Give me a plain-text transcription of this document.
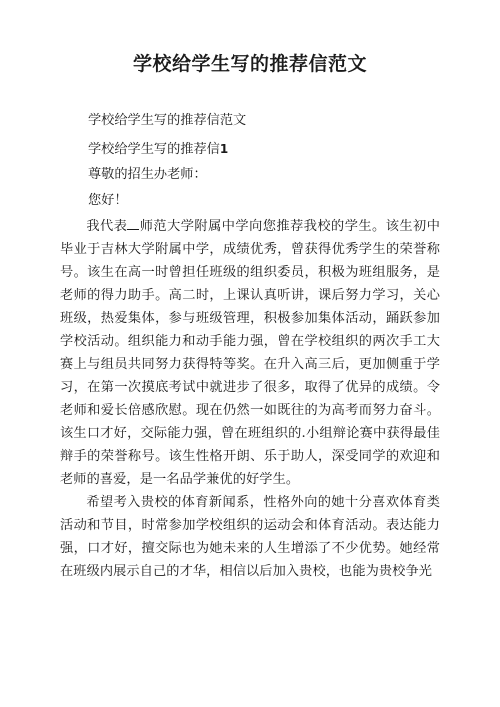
学校给学生写的推荐信范文
学校给学生写的推荐信范文
学校给学生写的推荐信1
尊敬的招生办老师：
您好！

我代表 师范大学附属中学向您推荐我校的学生。该生初中毕业于吉林大学附属中学，成绩优秀，曾获得优秀学生的荣誉称号。该生在高一时曾担任班级的组织委员，积极为班组服务，是老师的得力助手。高二时，上课认真听讲，课后努力学习，关心班级，热爱集体，参与班级管理，积极参加集体活动，踊跃参加学校活动。组织能力和动手能力强，曾在学校组织的两次手工大赛上与组员共同努力获得特等奖。在升入高三后，更加侧重于学习，在第一次摸底考试中就进步了很多，取得了优异的成绩。令老师和爱长倍感欣慰。现在仍然一如既往的为高考而努力奋斗。该生口才好，交际能力强，曾在班组织的.小组辩论赛中获得最佳辩手的荣誉称号。该生性格开朗、乐于助人，深受同学的欢迎和老师的喜爱，是一名品学兼优的好学生。

希望考入贵校的体育新闻系，性格外向的她十分喜欢体育类活动和节目，时常参加学校组织的运动会和体育活动。表达能力强，口才好，擅交际也为她未来的人生增添了不少优势。她经常在班级内展示自己的才华，相信以后加入贵校，也能为贵校争光
